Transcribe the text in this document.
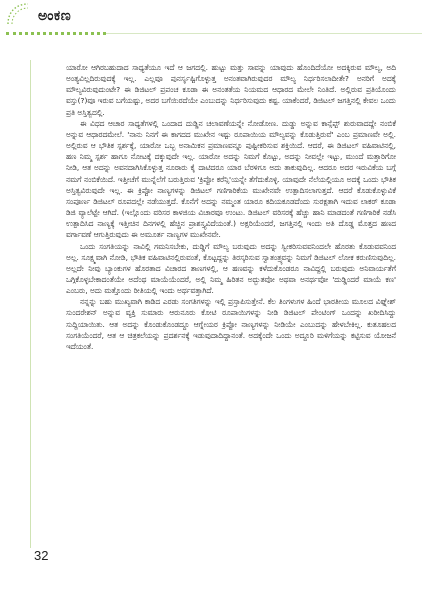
ಅಂಕಣ

ಯಾರೋ ಆಗಿರಬಹುದಾದ ಸಾಧ್ಯತೆಯೂ ಇದೆ ಆ ಜಗದಲ್ಲಿ. ಹುಟ್ಟು ಮತ್ತು ಸಾವನ್ನು ಯಾವುದು ಹೊಂದಿದೆಯೋ ಅದಕ್ಕಿರುವ ಮೌಲ್ಯ, ಅದಿ ಅಂತ್ಯವಿಲ್ಲದಿರುವುದಕ್ಕೆ ಇಲ್ಲ. ಎಲ್ಲವೂ ಪುನರ್ಸೃಷ್ಟಿಗೊಳ್ಳುತ್ತ ಅನಂತವಾಗಿರುವುದರ ಮೌಲ್ಯ ನಿರ್ಧರಿಸಲಾದೀತೇ? ಅನರಿಗೆ ಅದಕ್ಕೆ ಮೌಲ್ಯವಿರುವುದುಂಟೇ? ಈ ಡಿಜಿಟಲ್ ಪ್ರಪಂಚ ಕೂಡಾ ಈ ಅನಂತತೆಯ ನಿಯಮದ ಆಧಾರದ ಮೇಲೇ ನಿಂತಿದೆ. ಅಲ್ಲಿರುವ ಪ್ರತಿಯೊಂದು ವಸ್ತು(?)ವೂ ಇರುವ ಬಗೆಯಷ್ಟು, ಅದರ ಬಗೆಯಿರದೆಯೇ ಎಂಬುದನ್ನು ನಿರ್ಧರಿಸುವುದು ಕಷ್ಟ. ಯಾಕೆಂದರೆ, ಡಿಜಿಟಲ್ ಜಗತ್ತಿನಲ್ಲಿ ಕೇವಲ ಒಂದು ಪ್ರತಿ ಅಸ್ತಿತ್ವದಲ್ಲಿ.

ಈ ವಿಧದ ಆಚಾರ ಸಾಧ್ಯತೆಗಳಲ್ಲಿ ಒಂದಾದ ದುಡ್ಡಿನ ಚಲಾವಣೆಯನ್ನೇ ನೋಡೋಣ. ದುಡ್ಡು ಅನ್ನುವ ಕಾನ್ಸೆಪ್ಟ್ ಶುರುವಾದದ್ದೇ ನಂಬಿಕೆ ಅನ್ನುವ ಆಧಾರದಮೇಲೆ. 'ನಾನು ನಿನಗೆ ಈ ಕಾಗದದ ಮುಖೇನ ಇಷ್ಟು ರೂಪಾಯಿಯ ಮೌಲ್ಯವನ್ನು ಕೊಡುತ್ತಿರುವೆ' ಎಂಬ ಪ್ರಮಾಣವೇ ಅಲ್ಲಿ. ಅಲ್ಲಿರುವ ಆ ಭೌತಿಕ ಸ್ಪರ್ಶಕ್ಕೆ, ಯಾರೋ ಒಬ್ಬ ಅನಾಮಿಕನ ಪ್ರಮಾಣವನ್ನೂ ಪುಷ್ಟೀಕರಿಸುವ ಶಕ್ತಿಯಿದೆ. ಆದರೆ, ಈ ಡಿಜಿಟಲ್ ವಹಿವಾಟಿನಲ್ಲಿ, ಹಣ ನಿಮ್ಮ ಸ್ಪರ್ಶ ಹಾಗೂ ನೋಟಕ್ಕೆ ದಕ್ಕುವುದೇ ಇಲ್ಲ. ಯಾರೋ ಅದನ್ನು ನಿಮಗೆ ಕೊಟ್ಟು, ಅದನ್ನು ನೀವಲ್ಲೇ ಇಟ್ಟು, ಮುಂದೆ ಮತ್ತಾರಿಗೋ ನೀಡಿ, ಆತ ಅದನ್ನು ಅವನದಾಗಿಸಿಕೊಳ್ಳುತ್ತ ನೂರಾರು ಕೈ ದಾಟಿದರೂ ಯಾರ ಬೆರಳಿಗೂ ಅದು ತಾಕುವುದಿಲ್ಲ. ಆದರೂ ಅದರ ಇರುವಿಕೆಯ ಬಗ್ಗೆ ನಮಗೆ ನಂಬಿಕೆಯಿದೆ. ಇತ್ತೀಚೆಗೆ ಮುನ್ನೆಲೆಗೆ ಬರುತ್ತಿರುವ 'ಕ್ರಿಪ್ಟೋ ಕರೆನ್ಸಿ'ಯನ್ನೇ ತೆಗೆದುಕೊಳ್ಳಿ. ಯಾವುದೇ ನೆಲೆಯಲ್ಲಿಯೂ ಅದಕ್ಕೆ ಒಂದು ಭೌತಿಕ ಅಸ್ತಿತ್ವವಿರುವುದೇ ಇಲ್ಲ. ಈ ಕ್ರಿಪ್ಟೋ ನಾಣ್ಯಗಳನ್ನು ಡಿಜಿಟಲ್ ಗಣಿಗಾರಿಕೆಯ ಮುಖೇನವೇ ಉತ್ಪಾದಿಸಲಾಗುತ್ತದೆ. ಆದರೆ ಕೊಡುಕೊಳ್ಳುವಿಕೆ ಸಂಪೂರ್ಣ ಡಿಜಿಟಲ್ ರೂಪದಲ್ಲೇ ನಡೆಯುತ್ತದೆ. ಕೊನೆಗೆ ಅದನ್ನು ನಮ್ಮಂತ ಯಾರೂ ಕದಿಯಕೂಡದೆಂದು ಸುರಕ್ಷತಾಗಿ ಇದುವ ಲಾಕರ್ ಕೂಡಾ ಡಿಜಿ ವ್ಯಾಲೆಟ್ಟೇ ಆಗಿದೆ. (ಇಲ್ಲೊಂದು ವರಿಸರ ಕಾಳಜಿಯ ವಿಚಾರವೂ ಉಂಟು. ಡಿಜಿಟಲ್ ವರಿಸರಕ್ಕೆ ಹೆಚ್ಚು ಹಾನಿ ಮಾಡದಂತೆ ಗಣಿಗಾರಿಕೆ ನಡೆಸಿ ಉತ್ಪಾದಿಸಿದ ನಾಣ್ಯಕ್ಕೆ ಇತ್ತೀಚಿನ ದಿನಗಳಲ್ಲಿ ಹೆಚ್ಚಿನ ಪ್ರಾಶಸ್ತ್ಯವಿದೆಯಂತೆ.) ಅಕ್ಷರಿಯೆಂದರೆ, ಜಗತ್ತಿನಲ್ಲಿ ಇಂದು ಅತಿ ದೊಡ್ಡ ಮೊತ್ತದ ಹಣದ ವರ್ಗಾವಣೆ ಆಗುತ್ತಿರುವುದು ಈ ಅಮೂರ್ತ ನಾಣ್ಯಗಳ ಮುಖೇನವೇ.

ಒಂದು ಸಂಗತಿಯನ್ನು ನಾವಿಲ್ಲಿ ಗಮನಿಸಬೇಕು, ದುಡ್ಡಿಗೆ ಮೌಲ್ಯ ಬರುವುದು ಅದನ್ನು ಸ್ವೀಕರಿಸುವವನಿಂದಲೇ ಹೊರತು ಕೊಡುವವನಿಂದ ಅಲ್ಲ. ಸೂಕ್ಷ್ಮವಾಗಿ ನೋಡಿ, ಭೌತಿಕ ವಹಿವಾಟಿನಲ್ಲಿರುವಂತೆ, ಕೊಟ್ಟದ್ದನ್ನು ತಿರಸ್ಕರಿಸುವ ಸ್ವಾತಂತ್ರ್ಯವನ್ನು ನಿಮಗೆ ಡಿಜಿಟಲ್ ಲೋಕ ಕರುಣಿಸುವುದಿಲ್ಲ. ಅಲ್ಲದೇ ನೀವು ಬ್ಯಾಂಕುಗಳ ಹೊರತಾದ ವಿಚಾರದ ತಾಣಗಳಲ್ಲಿ, ಆ ಹಣವನ್ನು ಕಳೆದುಕೊಂಡರೂ ನಾವಿದ್ದಲ್ಲಿ ಬರುವುದು ಅನಿವಾರ್ಯತೆಗೆ ಒಗ್ಗಿಕೊಳ್ಳಬೇಕಾದಂತೆಯೇ ಅದೆಂಥ ಮಾಯೆಯೆಂದರೆ, ಅಲ್ಲಿ ನಿಮ್ಮ ಹಿರಿತನ ಅದ್ಭುತವೋ ಅಥವಾ ಅನರ್ಥವೋ 'ದುಡ್ಡಿಂದರೆ ಮಾಯೆ ಕಣ' ಎಂಬರು, ಅದು ಮತ್ತೊಂದು ರೀತಿಯಲ್ಲಿ ಇಂದು ಅರ್ಥವತ್ತಾಗಿದೆ.

ನನ್ನನ್ನು ಬಹು ಮುಖ್ಯವಾಗಿ ಕಾಡಿದ ಎರಡು ಸಂಗತಿಗಳನ್ನು ಇಲ್ಲಿ ಪ್ರಸ್ತಾಪಿಸುತ್ತೇನೆ. ಕೆಲ ತಿಂಗಳುಗಳ ಹಿಂದೆ ಭಾರತೀಯ ಮೂಲದ ವಿಘ್ನೇಶ್ ಸುಂದರೇಶನ್ ಅನ್ನುವ ವ್ಯಕ್ತಿ ಸುಮಾರು ಆರುನೂರು ಕೋಟಿ ರೂಪಾಯಿಗಳನ್ನು ನೀಡಿ ಡಿಜಿಟಲ್ ಪೇಂಟಿಂಗ್ ಒಂದನ್ನು ಖರೀದಿಸಿದ್ದು ಸುದ್ದಿಯಾಯಿತು. ಆತ ಅದನ್ನು ಕೊಂಡುಕೊಂಡದ್ದೂ ಆಗ್ನೇಯರ ಕ್ರಿಪ್ಟೋ ನಾಣ್ಯಗಳನ್ನು ನೀಡಿಯೇ ಎಂಬುದನ್ನು ಹೇಳಬೇಕಿಲ್ಲ. ಕುತೂಹಲದ ಸಂಗತಿಯೆಂದರೆ, ಆತ ಆ ಚಿತ್ರಕಲೆಯನ್ನು ಪ್ರದರ್ಶನಕ್ಕೆ ಇಡುವುದಾದಿದ್ದಾನಂತೆ. ಅದಕ್ಕೆಂದೇ ಒಂದು ಅದ್ದೂರಿ ಮಳಿಗೆಯನ್ನು ಕಟ್ಟಿಸುವ ಯೋಜನೆ ಇದೆಯಂತೆ.

32
